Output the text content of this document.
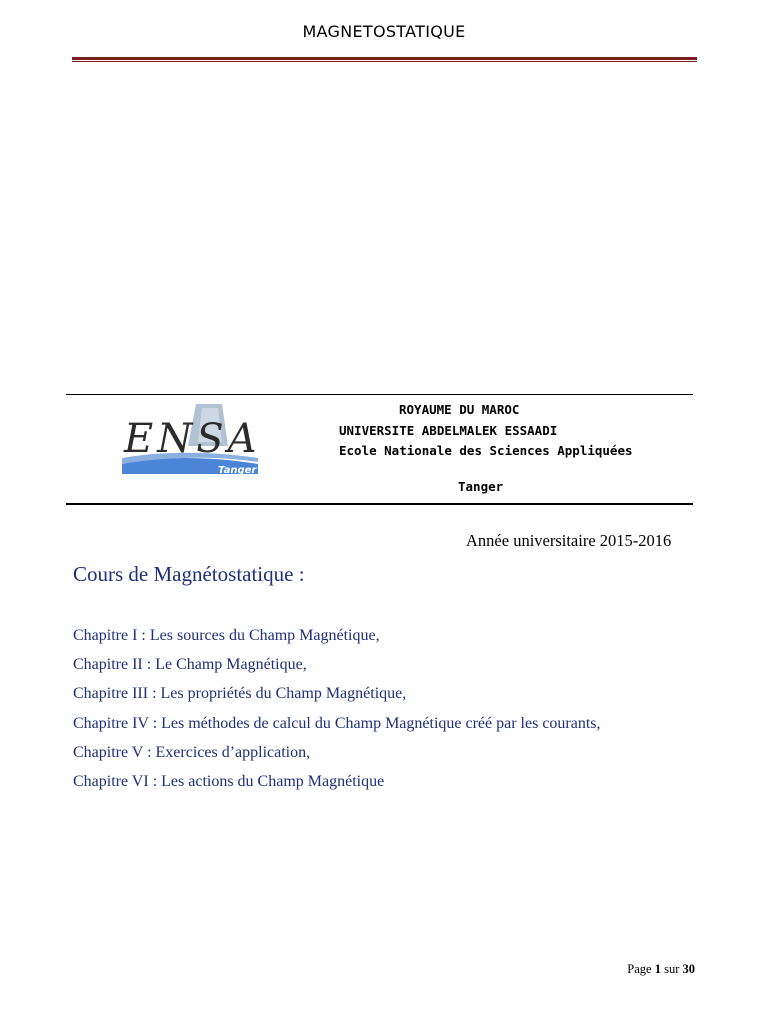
MAGNETOSTATIQUE
ENSA
Tanger
ROYAUME DU MAROC
UNIVERSITE ABDELMALEK ESSAADI
Ecole Nationale des Sciences Appliquées
Tanger
Année universitaire 2015-2016
Cours de Magnétostatique :
Chapitre I : Les sources du Champ Magnétique,
Chapitre II : Le Champ Magnétique,
Chapitre III : Les propriétés du Champ Magnétique,
Chapitre IV : Les méthodes de calcul du Champ Magnétique créé par les courants,
Chapitre V : Exercices d’application,
Chapitre VI : Les actions du Champ Magnétique
Page 1 sur 30
